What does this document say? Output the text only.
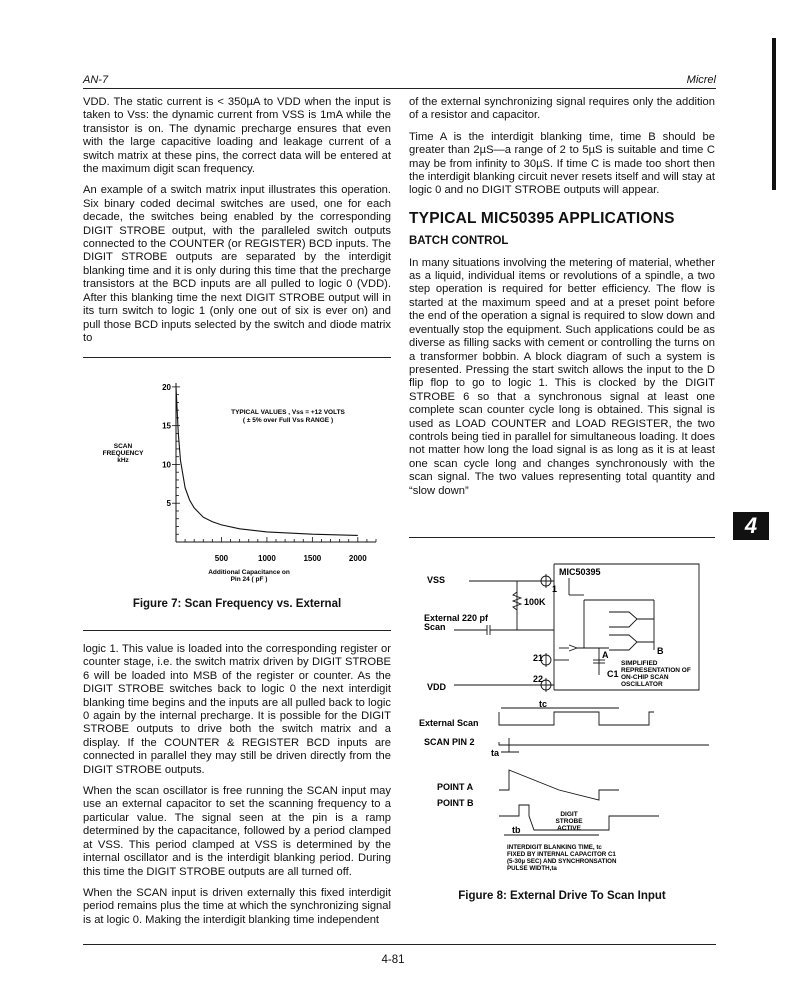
AN-7	Micrel

VDD. The static current is < 350µA to VDD when the input is taken to Vss: the dynamic current from VSS is 1mA while the transistor is on. The dynamic precharge ensures that even with the large capacitive loading and leakage current of a switch matrix at these pins, the correct data will be entered at the maximum digit scan frequency.

An example of a switch matrix input illustrates this operation. Six binary coded decimal switches are used, one for each decade, the switches being enabled by the corresponding DIGIT STROBE output, with the paralleled switch outputs connected to the COUNTER (or REGISTER) BCD inputs. The DIGIT STROBE outputs are separated by the interdigit blanking time and it is only during this time that the precharge transistors at the BCD inputs are all pulled to logic 0 (VDD). After this blanking time the next DIGIT STROBE output will in its turn switch to logic 1 (only one out of six is ever on) and pull those BCD inputs selected by the switch and diode matrix to

of the external synchronizing signal requires only the addition of a resistor and capacitor.

Time A is the interdigit blanking time, time B should be greater than 2µS—a range of 2 to 5µS is suitable and time C may be from infinity to 30µS. If time C is made too short then the interdigit blanking circuit never resets itself and will stay at logic 0 and no DIGIT STROBE outputs will appear.

TYPICAL MIC50395 APPLICATIONS
BATCH CONTROL

In many situations involving the metering of material, whether as a liquid, individual items or revolutions of a spindle, a two step operation is required for better efficiency. The flow is started at the maximum speed and at a preset point before the end of the operation a signal is required to slow down and eventually stop the equipment. Such applications could be as diverse as filling sacks with cement or controlling the turns on a transformer bobbin. A block diagram of such a system is presented. Pressing the start switch allows the input to the D flip flop to go to logic 1. This is clocked by the DIGIT STROBE 6 so that a synchronous signal at least one complete scan counter cycle long is obtained. This signal is used as LOAD COUNTER and LOAD REGISTER, the two controls being tied in parallel for simultaneous loading. It does not matter how long the load signal is as long as it is at least one scan cycle long and changes synchronously with the scan signal. The two values representing total quantity and “slow down”

SCAN
FREQUENCY
kHz
TYPICAL VALUES , Vss = +12 VOLTS
( ± 5% over Full Vss RANGE )
5
10
15
20
500	1000	1500	2000
Additional Capacitance on
Pin 24 ( pF )
Figure 7: Scan Frequency vs. External

logic 1. This value is loaded into the corresponding register or counter stage, i.e. the switch matrix driven by DIGIT STROBE 6 will be loaded into MSB of the register or counter. As the DIGIT STROBE switches back to logic 0 the next interdigit blanking time begins and the inputs are all pulled back to logic 0 again by the internal precharge. It is possible for the DIGIT STROBE outputs to drive both the switch matrix and a display. If the COUNTER & REGISTER BCD inputs are connected in parallel they may still be driven directly from the DIGIT STROBE outputs.

When the scan oscillator is free running the SCAN input may use an external capacitor to set the scanning frequency to a particular value. The signal seen at the pin is a ramp determined by the capacitance, followed by a period clamped at VSS. This period clamped at VSS is determined by the internal oscillator and is the interdigit blanking period. During this time the DIGIT STROBE outputs are all turned off.

When the SCAN input is driven externally this fixed interdigit period remains plus the time at which the synchronizing signal is at logic 0. Making the interdigit blanking time independent

4
MIC50395
VSS
1
100K
External 220 pf
Scan
21
22
VDD
A	B
C1
tc
SIMPLIFIED
REPRESENTATION OF
ON-CHIP SCAN
OSCILLATOR
External Scan
SCAN PIN 2
ta
POINT A
POINT B
tb
DIGIT
STROBE
ACTIVE
INTERDIGIT BLANKING TIME, tc
FIXED BY INTERNAL CAPACITOR C1
(5-30µ SEC) AND SYNCHRONSATION
PULSE WIDTH,ta
Figure 8: External Drive To Scan Input
4-81
